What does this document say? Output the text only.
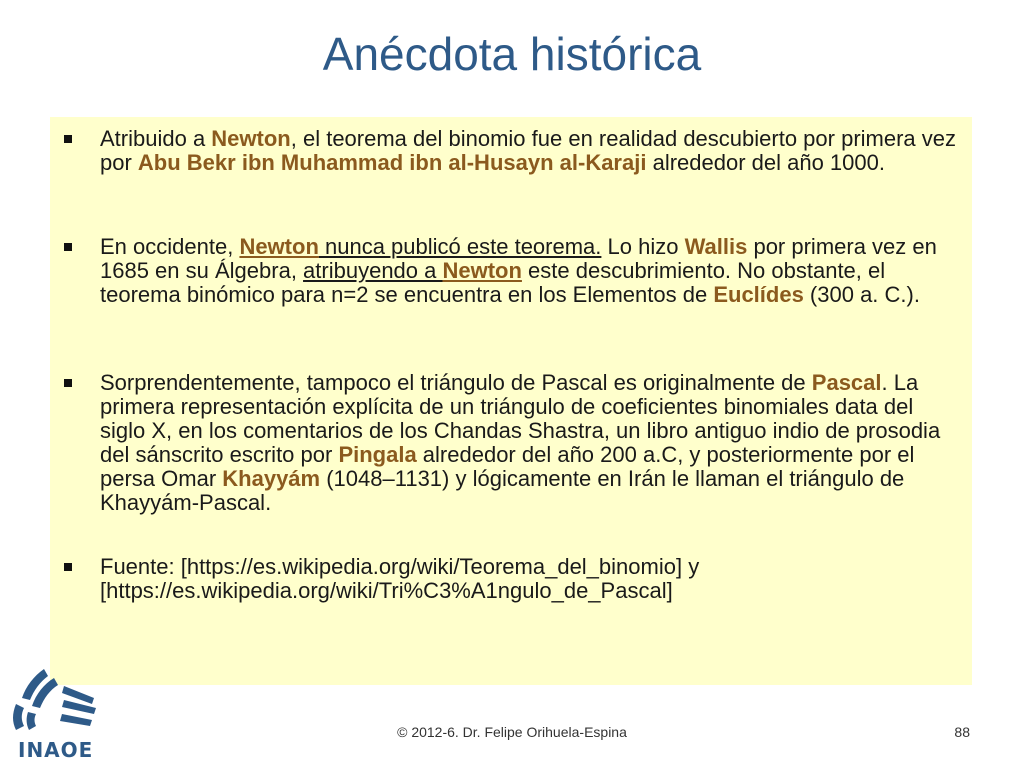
Anécdota histórica
Atribuido a Newton, el teorema del binomio fue en realidad descubierto por primera vez por Abu Bekr ibn Muhammad ibn al-Husayn al-Karaji alrededor del año 1000.
En occidente, Newton nunca publicó este teorema. Lo hizo Wallis por primera vez en 1685 en su Álgebra, atribuyendo a Newton este descubrimiento. No obstante, el teorema binómico para n=2 se encuentra en los Elementos de Euclídes (300 a. C.).
Sorprendentemente, tampoco el triángulo de Pascal es originalmente de Pascal. La primera representación explícita de un triángulo de coeficientes binomiales data del siglo X, en los comentarios de los Chandas Shastra, un libro antiguo indio de prosodia del sánscrito escrito por Pingala alrededor del año 200 a.C, y posteriormente por el persa Omar Khayyám (1048–1131) y lógicamente en Irán le llaman el triángulo de Khayyám-Pascal.
Fuente: [https://es.wikipedia.org/wiki/Teorema_del_binomio] y [https://es.wikipedia.org/wiki/Tri%C3%A1ngulo_de_Pascal]
INAOE
© 2012-6. Dr. Felipe Orihuela-Espina	88
